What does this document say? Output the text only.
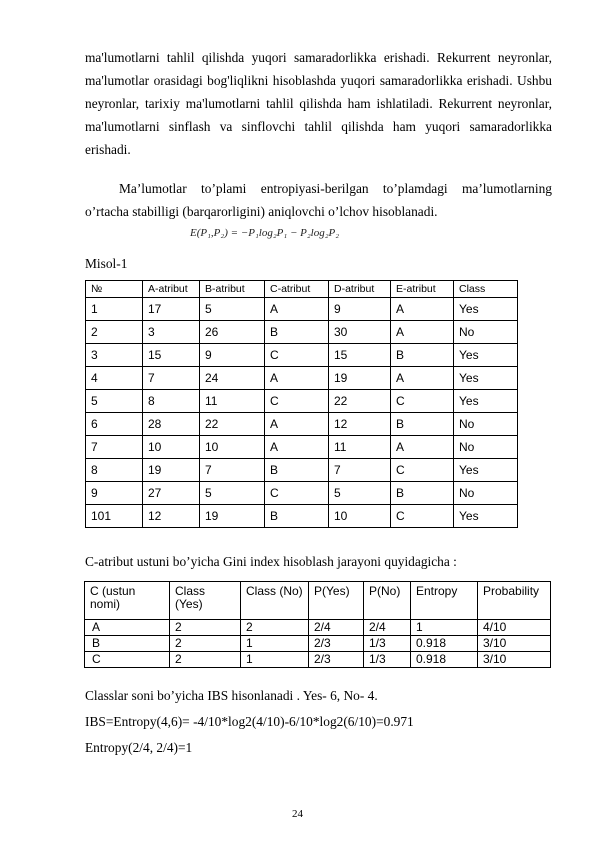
ma'lumotlarni tahlil qilishda yuqori samaradorlikka erishadi. Rekurrent neyronlar, ma'lumotlar orasidagi bog'liqlikni hisoblashda yuqori samaradorlikka erishadi. Ushbu neyronlar, tarixiy ma'lumotlarni tahlil qilishda ham ishlatiladi. Rekurrent neyronlar, ma'lumotlarni sinflash va sinflovchi tahlil qilishda ham yuqori samaradorlikka erishadi.

Ma’lumotlar to’plami entropiyasi-berilgan to’plamdagi ma’lumotlarning o’rtacha stabilligi (barqarorligini) aniqlovchi o’lchov hisoblanadi.

E(P₁,P₂) = −P₁log₂P₁ − P₂log₂P₂

Misol-1

№	A-atribut	B-atribut	C-atribut	D-atribut	E-atribut	Class
1	17	5	A	9	A	Yes
2	3	26	B	30	A	No
3	15	9	C	15	B	Yes
4	7	24	A	19	A	Yes
5	8	11	C	22	C	Yes
6	28	22	A	12	B	No
7	10	10	A	11	A	No
8	19	7	B	7	C	Yes
9	27	5	C	5	B	No
101	12	19	B	10	C	Yes

C-atribut ustuni bo’yicha Gini index hisoblash jarayoni quyidagicha :

C (ustun nomi)	Class (Yes)	Class (No)	P(Yes)	P(No)	Entropy	Probability
A	2	2	2/4	2/4	1	4/10
B	2	1	2/3	1/3	0.918	3/10
C	2	1	2/3	1/3	0.918	3/10

Classlar soni bo’yicha IBS hisonlanadi . Yes- 6, No- 4.

IBS=Entropy(4,6)= -4/10*log2(4/10)-6/10*log2(6/10)=0.971

Entropy(2/4, 2/4)=1

24
